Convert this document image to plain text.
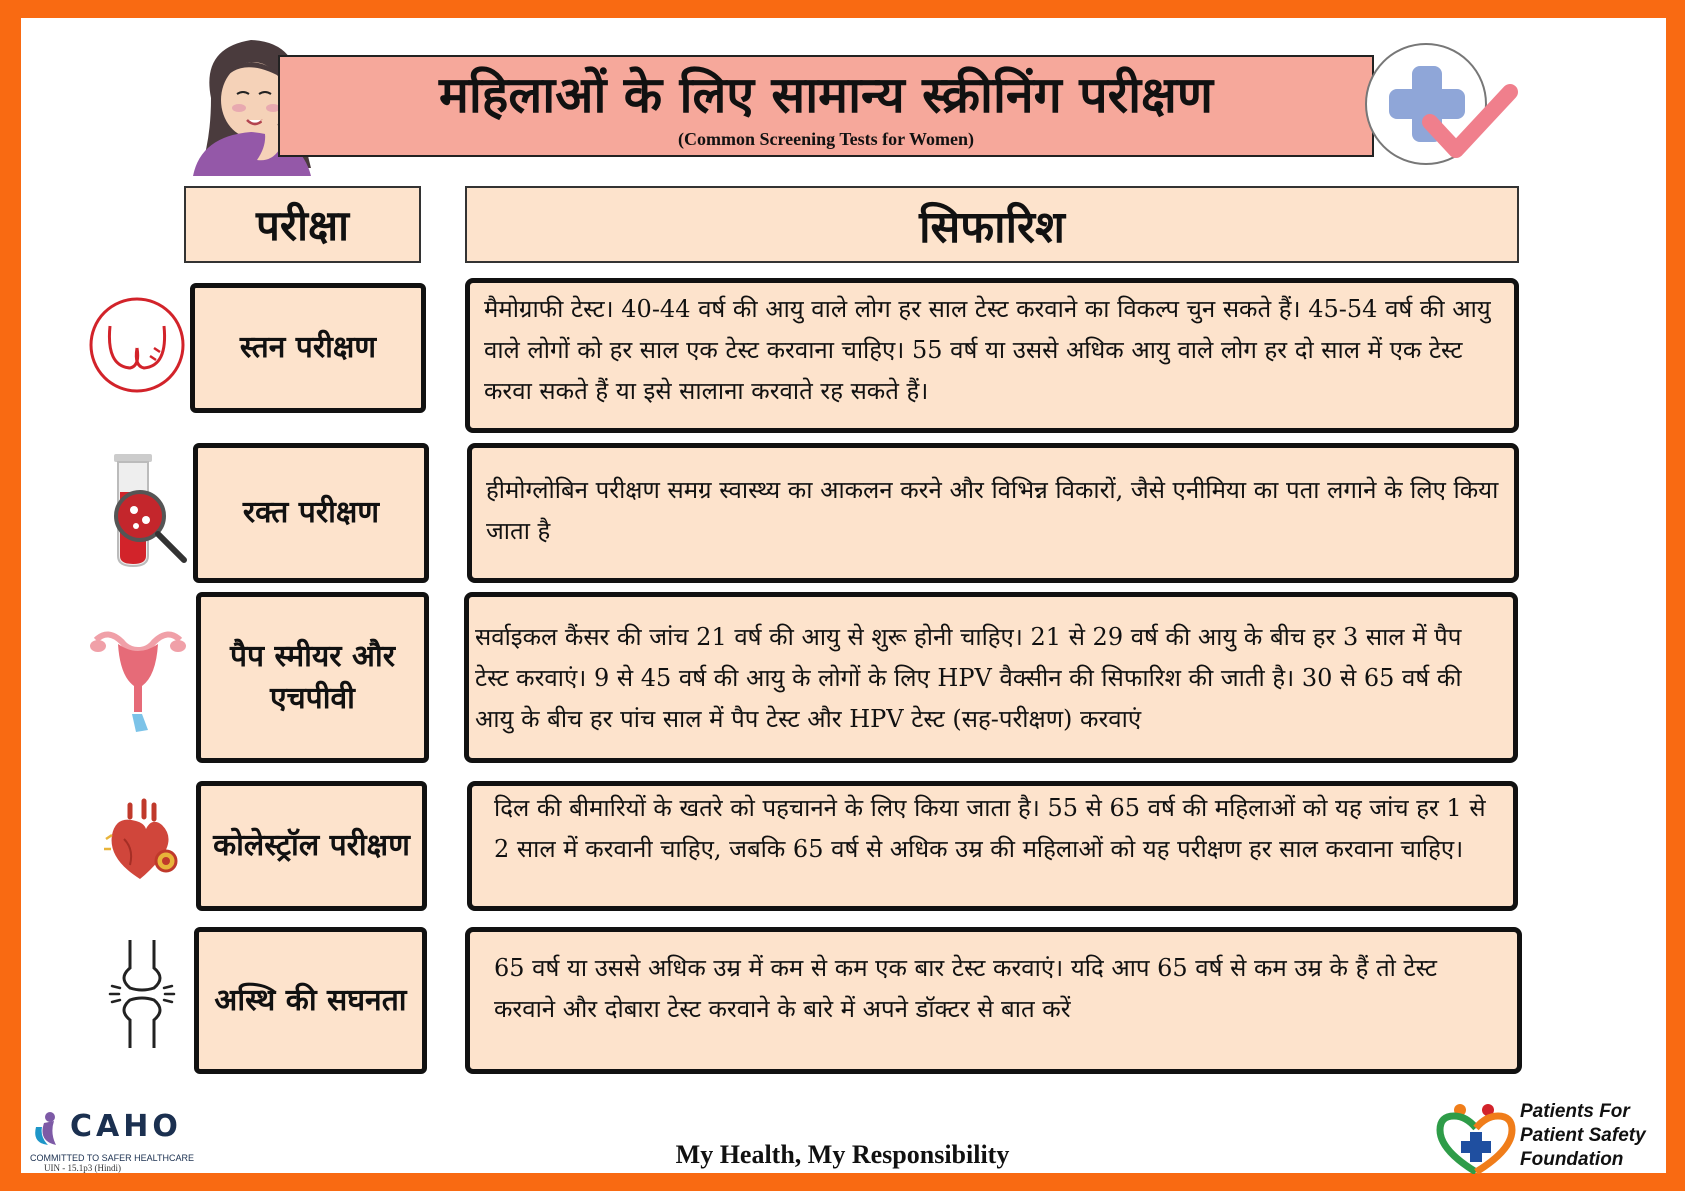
महिलाओं के लिए सामान्य स्क्रीनिंग परीक्षण
(Common Screening Tests for Women)
परीक्षा	सिफारिश
स्तन परीक्षण
मैमोग्राफी टेस्ट। 40-44 वर्ष की आयु वाले लोग हर साल टेस्ट करवाने का विकल्प चुन सकते हैं। 45-54 वर्ष की आयु वाले लोगों को हर साल एक टेस्ट करवाना चाहिए। 55 वर्ष या उससे अधिक आयु वाले लोग हर दो साल में एक टेस्ट करवा सकते हैं या इसे सालाना करवाते रह सकते हैं।
रक्त परीक्षण
हीमोग्लोबिन परीक्षण समग्र स्वास्थ्य का आकलन करने और विभिन्न विकारों, जैसे एनीमिया का पता लगाने के लिए किया जाता है
पैप स्मीयर और एचपीवी
सर्वाइकल कैंसर की जांच 21 वर्ष की आयु से शुरू होनी चाहिए। 21 से 29 वर्ष की आयु के बीच हर 3 साल में पैप टेस्ट करवाएं। 9 से 45 वर्ष की आयु के लोगों के लिए HPV वैक्सीन की सिफारिश की जाती है। 30 से 65 वर्ष की आयु के बीच हर पांच साल में पैप टेस्ट और HPV टेस्ट (सह-परीक्षण) करवाएं
कोलेस्ट्रॉल परीक्षण
दिल की बीमारियों के खतरे को पहचानने के लिए किया जाता है। 55 से 65 वर्ष की महिलाओं को यह जांच हर 1 से 2 साल में करवानी चाहिए, जबकि 65 वर्ष से अधिक उम्र की महिलाओं को यह परीक्षण हर साल करवाना चाहिए।
अस्थि की सघनता
65 वर्ष या उससे अधिक उम्र में कम से कम एक बार टेस्ट करवाएं। यदि आप 65 वर्ष से कम उम्र के हैं तो टेस्ट करवाने और दोबारा टेस्ट करवाने के बारे में अपने डॉक्टर से बात करें
CAHO
COMMITTED TO SAFER HEALTHCARE
UIN - 15.1p3 (Hindi)	My Health, My Responsibility
Patients For
Patient Safety
Foundation
